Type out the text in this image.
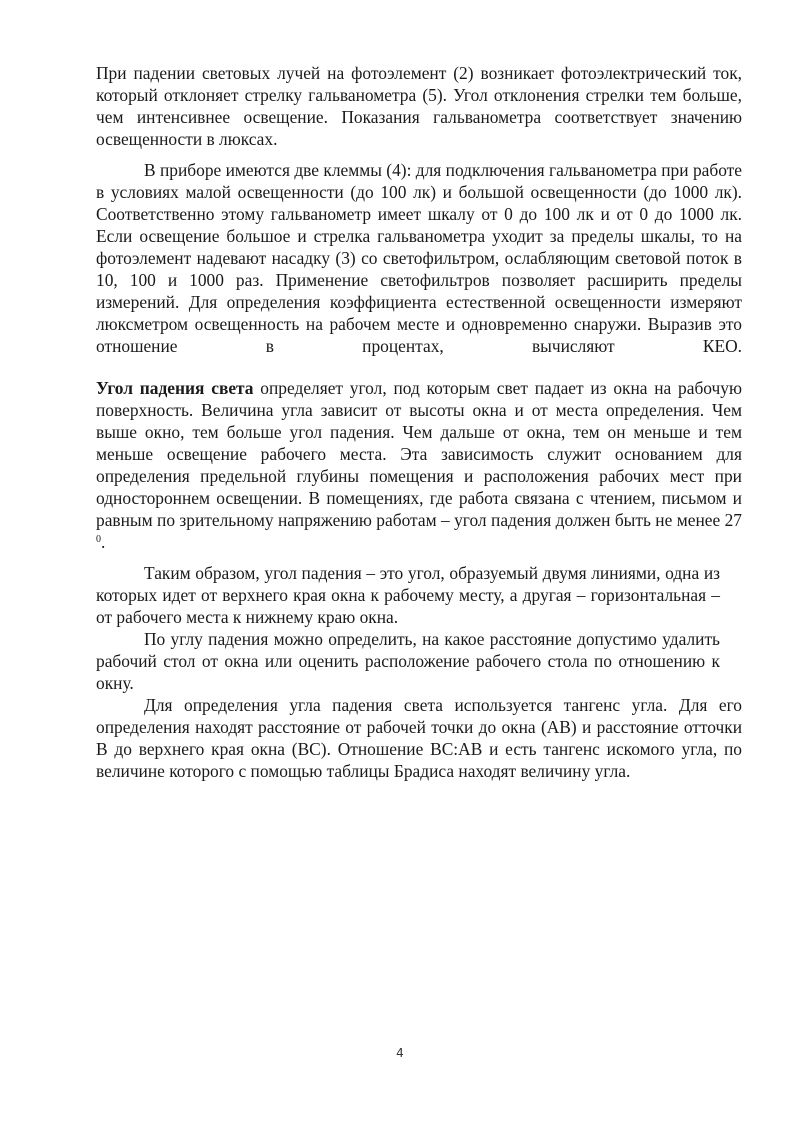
При падении световых лучей на фотоэлемент (2) возникает фотоэлектрический ток, который отклоняет стрелку гальванометра (5). Угол отклонения стрелки тем больше, чем интенсивнее освещение. Показания гальванометра соответствует значению освещенности в люксах.

В приборе имеются две клеммы (4): для подключения гальванометра при работе в условиях малой освещенности (до 100 лк) и большой освещенности (до 1000 лк). Соответственно этому гальванометр имеет шкалу от 0 до 100 лк и от 0 до 1000 лк. Если освещение большое и стрелка гальванометра уходит за пределы шкалы, то на фотоэлемент надевают насадку (3) со светофильтром, ослабляющим световой поток в 10, 100 и 1000 раз. Применение светофильтров позволяет расширить пределы измерений. Для определения коэффициента естественной освещенности измеряют люксметром освещенность на рабочем месте и одновременно снаружи. Выразив это отношение в процентах, вычисляют КЕО.

Угол падения света определяет угол, под которым свет падает из окна на рабочую поверхность. Величина угла зависит от высоты окна и от места определения. Чем выше окно, тем больше угол падения. Чем дальше от окна, тем он меньше и тем меньше освещение рабочего места. Эта зависимость служит основанием для определения предельной глубины помещения и расположения рабочих мест при одностороннем освещении. В помещениях, где работа связана с чтением, письмом и равным по зрительному напряжению работам – угол падения должен быть не менее 27 $^0$.

Таким образом, угол падения – это угол, образуемый двумя линиями, одна из которых идет от верхнего края окна к рабочему месту, а другая – горизонтальная – от рабочего места к нижнему краю окна.

По углу падения можно определить, на какое расстояние допустимо удалить рабочий стол от окна или оценить расположение рабочего стола по отношению к окну.

Для определения угла падения света используется тангенс угла. Для его определения находят расстояние от рабочей точки до окна (АВ) и расстояние отточки В до верхнего края окна (ВС). Отношение ВС:АВ и есть тангенс искомого угла, по величине которого с помощью таблицы Брадиса находят величину угла.

4
